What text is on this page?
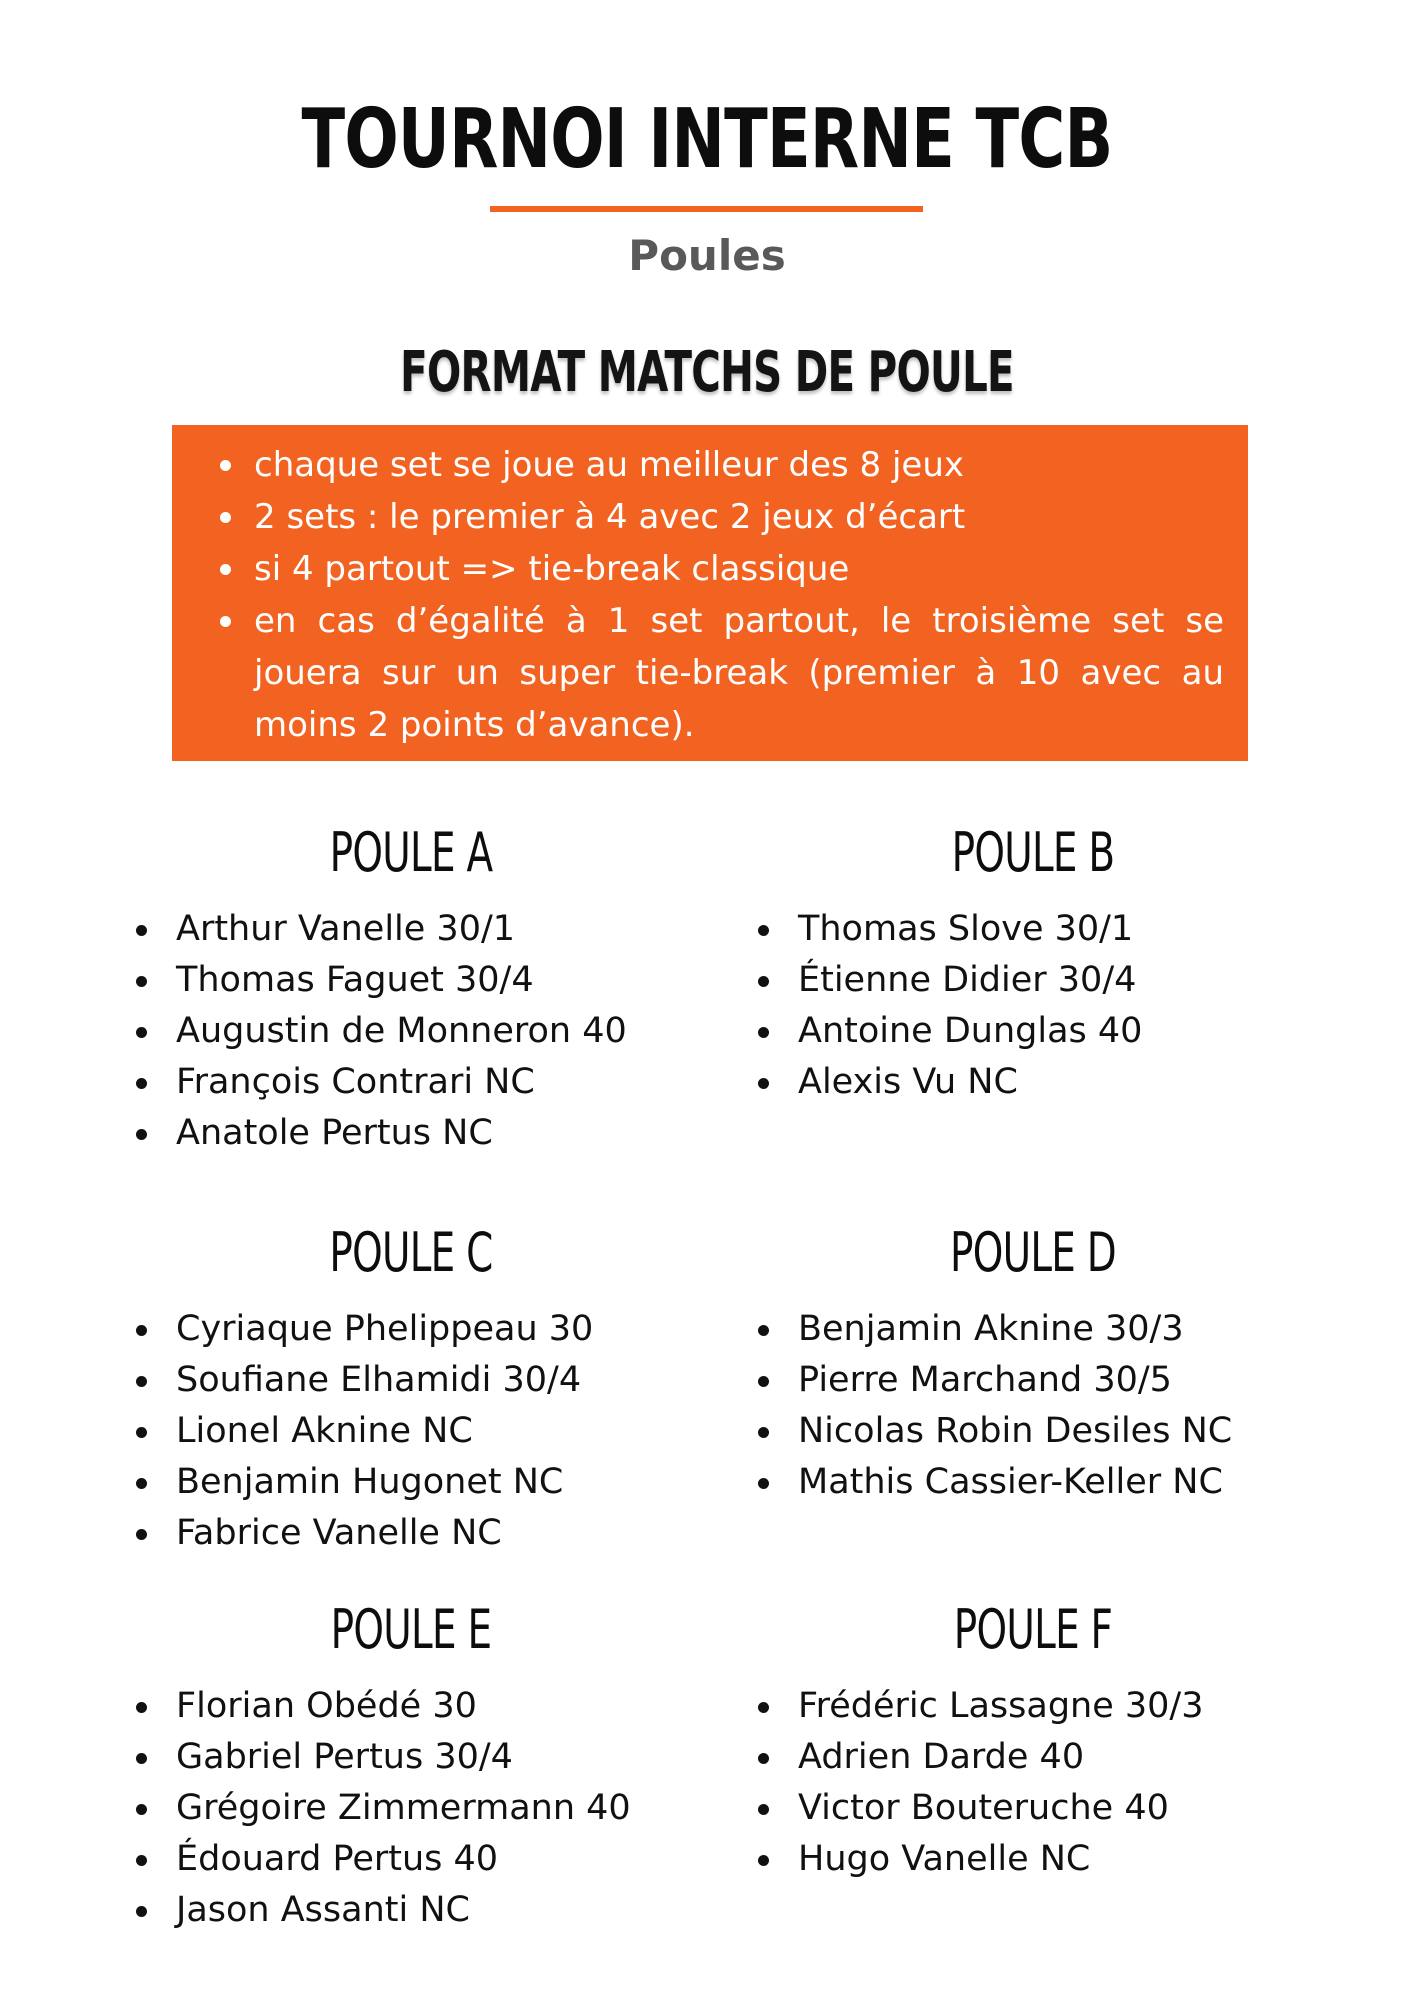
TOURNOI INTERNE TCB
Poules
FORMAT MATCHS DE POULE
chaque set se joue au meilleur des 8 jeux
2 sets : le premier à 4 avec 2 jeux d’écart
si 4 partout => tie-break classique
en cas d’égalité à 1 set partout, le troisième set se jouera sur un super tie-break (premier à 10 avec au moins 2 points d’avance).
POULE A
Arthur Vanelle 30/1
Thomas Faguet 30/4
Augustin de Monneron 40
François Contrari NC
Anatole Pertus NC
POULE B
Thomas Slove 30/1
Étienne Didier 30/4
Antoine Dunglas 40
Alexis Vu NC
POULE C
Cyriaque Phelippeau 30
Soufiane Elhamidi 30/4
Lionel Aknine NC
Benjamin Hugonet NC
Fabrice Vanelle NC
POULE D
Benjamin Aknine 30/3
Pierre Marchand 30/5
Nicolas Robin Desiles NC
Mathis Cassier-Keller NC
POULE E
Florian Obédé 30
Gabriel Pertus 30/4
Grégoire Zimmermann 40
Édouard Pertus 40
Jason Assanti NC
POULE F
Frédéric Lassagne 30/3
Adrien Darde 40
Victor Bouteruche 40
Hugo Vanelle NC
